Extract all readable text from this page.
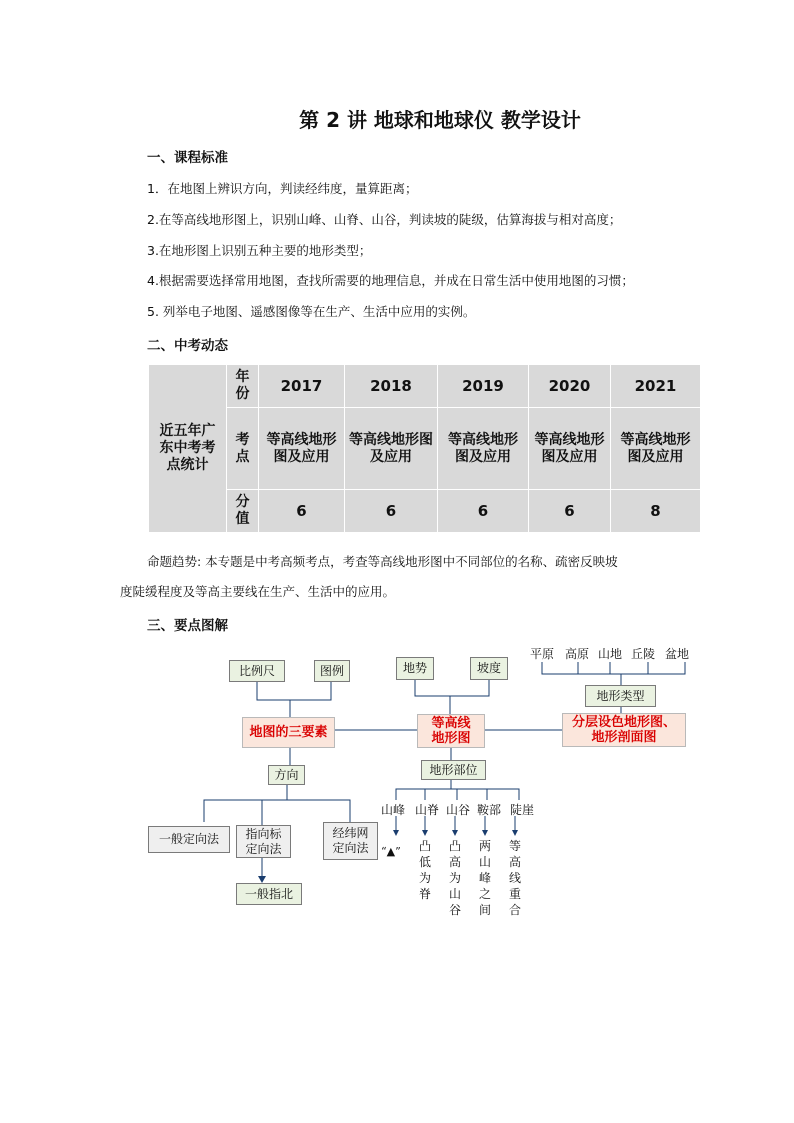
第 2 讲 地球和地球仪 教学设计
一、课程标准
1．在地图上辨识方向，判读经纬度，量算距离；
2.在等高线地形图上，识别山峰、山脊、山谷，判读坡的陡级，估算海拔与相对高度；
3.在地形图上识别五种主要的地形类型；
4.根据需要选择常用地图，查找所需要的地理信息，并成在日常生活中使用地图的习惯；
5. 列举电子地图、遥感图像等在生产、生活中应用的实例。
二、中考动态
近五年广东中考考点统计	年份	2017	2018	2019	2020	2021
	考点	等高线地形图及应用	等高线地形图及应用	等高线地形图及应用	等高线地形图及应用	等高线地形图及应用
	分值	6	6	6	6	8
命题趋势: 本专题是中考高频考点，考查等高线地形图中不同部位的名称、疏密反映坡
度陡缓程度及等高主要线在生产、生活中的应用。
三、要点图解
比例尺	图例
地图的三要素
方向
一般定向法	指向标定向法
经纬网定向法
一般指北
地势	坡度
等高线地形图
地形部位
山峰 山脊 山谷 鞍部 陡崖
“▲” 凸低为脊
凸高为山谷
两山峰之间
等高线重合
平原 高原 山地 丘陵 盆地
地形类型
分层设色地形图、地形剖面图
